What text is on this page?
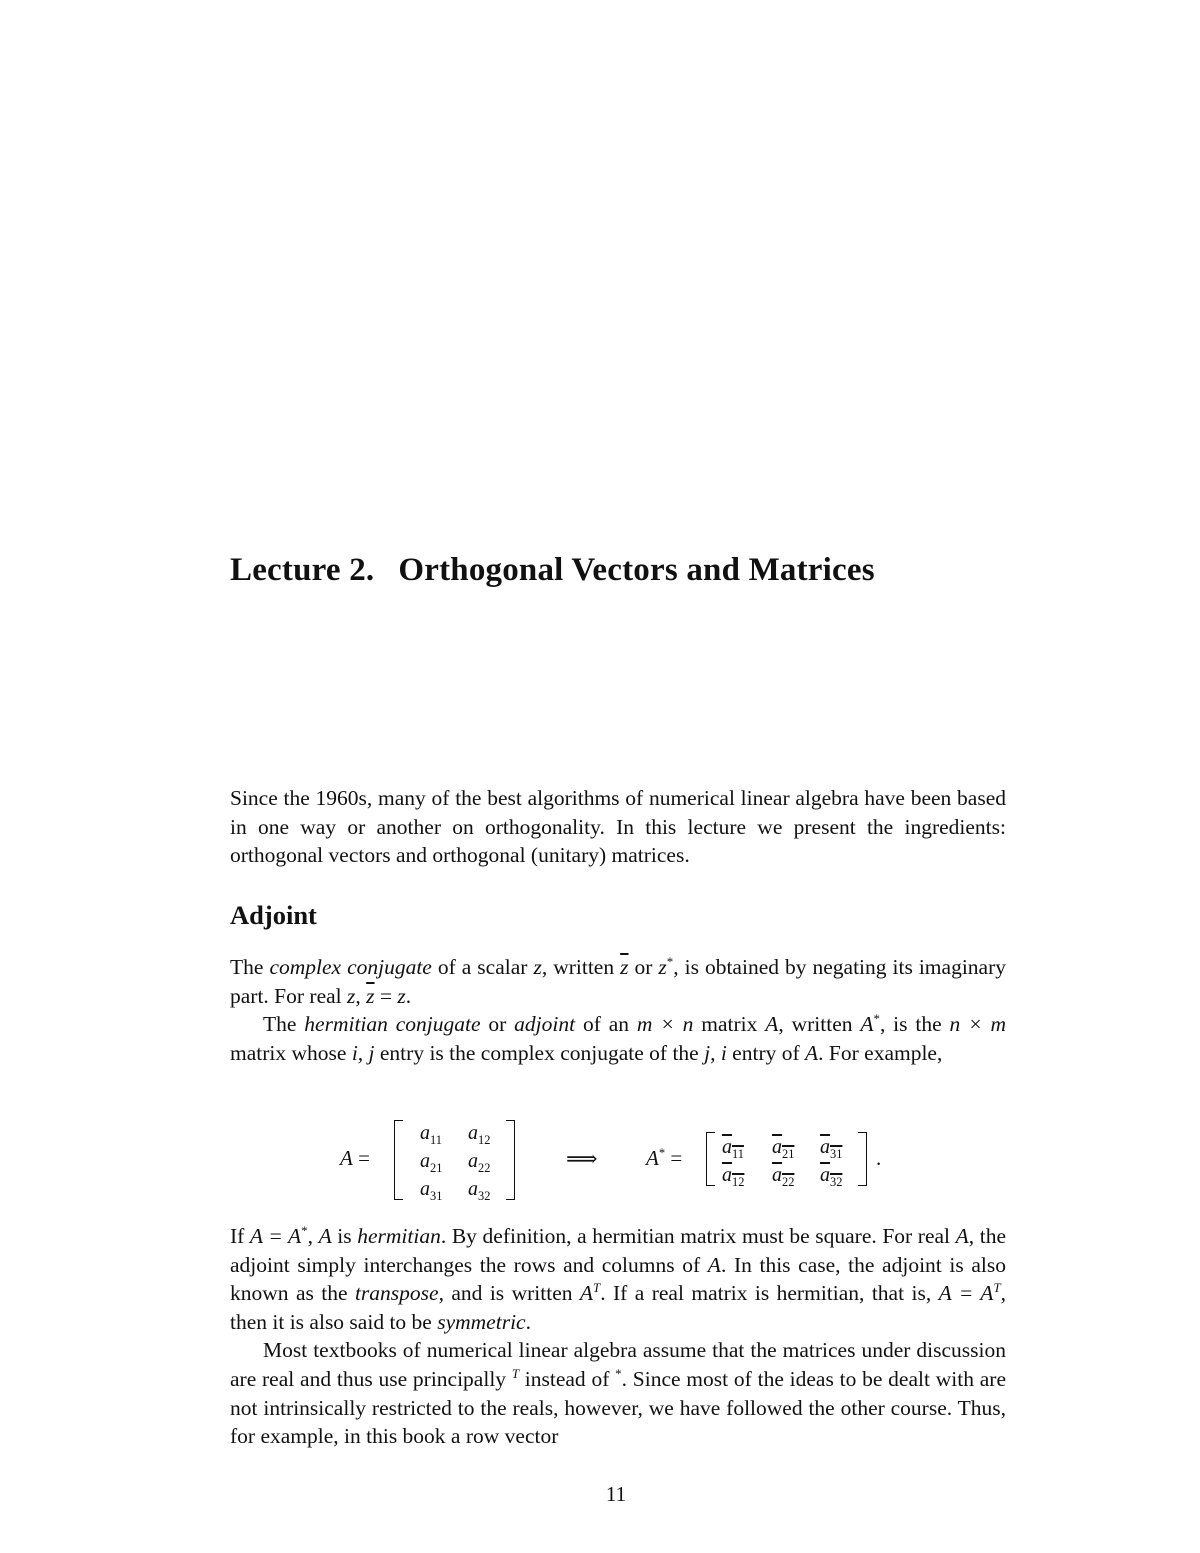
Lecture 2. Orthogonal Vectors and Matrices

Since the 1960s, many of the best algorithms of numerical linear algebra have been based in one way or another on orthogonality. In this lecture we present the ingredients: orthogonal vectors and orthogonal (unitary) matrices.

Adjoint

The complex conjugate of a scalar z, written $\overline{z}$ or z*, is obtained by negating its imaginary part. For real z, $\overline{z} = z$.

The hermitian conjugate or adjoint of an m × n matrix A, written A*, is the n × m matrix whose i, j entry is the complex conjugate of the j, i entry of A. For example,

A =
$a_{11}$ $a_{12}$
$a_{21}$ $a_{22}$
$a_{31}$ $a_{32}$
⟹ $A^* = a_{11}$ $a_{21}$ $a_{31}$
$a_{12}$ $a_{22}$ $a_{32}$
.

If A = A*, A is hermitian. By definition, a hermitian matrix must be square. For real A, the adjoint simply interchanges the rows and columns of A. In this case, the adjoint is also known as the transpose, and is written $A^T$. If a real matrix is hermitian, that is, $A = A^T$, then it is also said to be symmetric.

Most textbooks of numerical linear algebra assume that the matrices under discussion are real and thus use principally $^T$ instead of *. Since most of the ideas to be dealt with are not intrinsically restricted to the reals, however, we have followed the other course. Thus, for example, in this book a row vector

11
